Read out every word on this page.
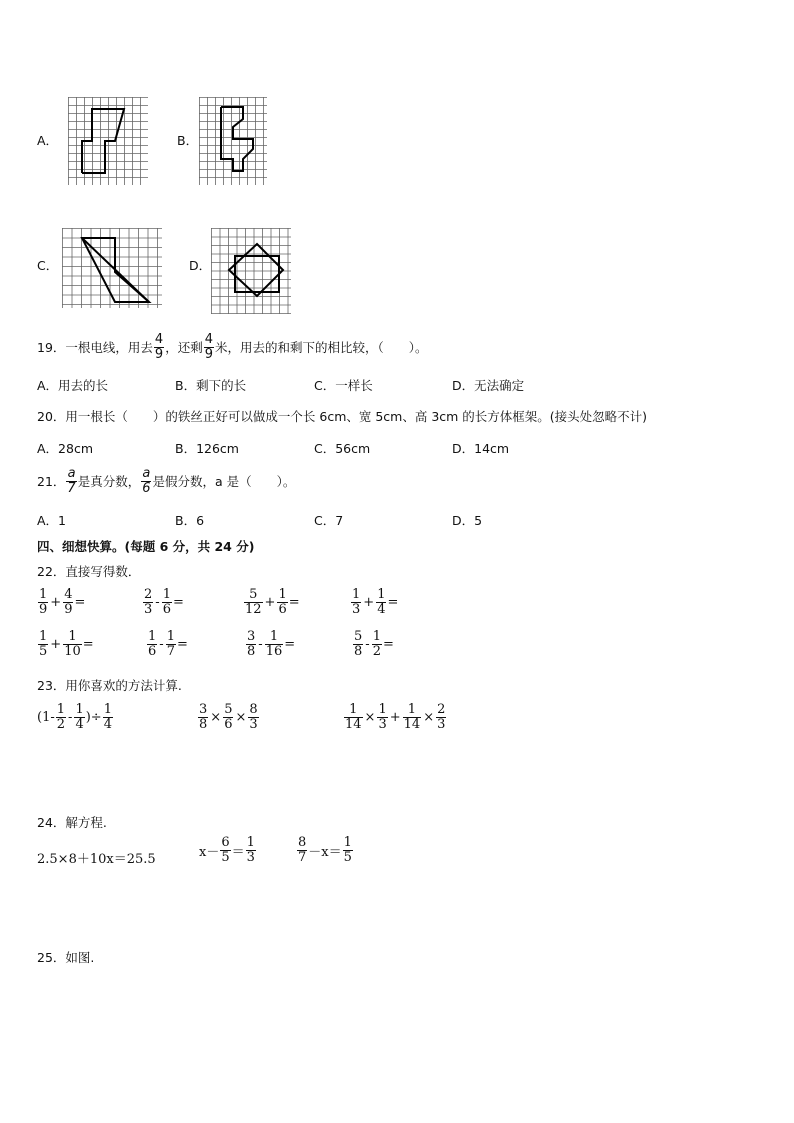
A．	B．
C．	D．
19． 一根电线，用去 $\frac{4}{9}$ ，还剩 $\frac{4}{9}$ 米，用去的和剩下的相比较，（　　）。
A．用去的长	B．剩下的长	C．一样长	D．无法确定
20．用一根长（　　）的铁丝正好可以做成一个长 6cm、宽 5cm、高 3cm 的长方体框架。(接头处忽略不计)
A．28cm	B．126cm	C．56cm	D．14cm
21． $\frac{a}{7}$ 是真分数， $\frac{a}{6}$ 是假分数，a 是（　　）。
A．1	B．6	C．7	D．5
四、细想快算。(每题 6 分，共 24 分)
22．直接写得数．
$\frac{1}{9} + \frac{4}{9}$ =	$\frac{2}{3} - \frac{1}{6}$ =	$\frac{5}{12} + \frac{1}{6}$ =	$\frac{1}{3} + \frac{1}{4}$ =
$\frac{1}{5} + \frac{1}{10}$ =	$\frac{1}{6} - \frac{1}{7}$ =	$\frac{3}{8} - \frac{1}{16}$ =	$\frac{5}{8} - \frac{1}{2}$ =
23．用你喜欢的方法计算.
($1- \frac{1}{2} - \frac{1}{4}$ )÷ $\frac{1}{4}$	$\frac{3}{8} \times \frac{5}{6} \times \frac{8}{3}$	$\frac{1}{14} \times \frac{1}{3} + \frac{1}{14} \times \frac{2}{3}$
24．解方程.
2.5×8＋10x＝25.5	$x- \frac{6}{5} = \frac{1}{3}$	$\frac{8}{7} -x= \frac{1}{5}$
25．如图.
